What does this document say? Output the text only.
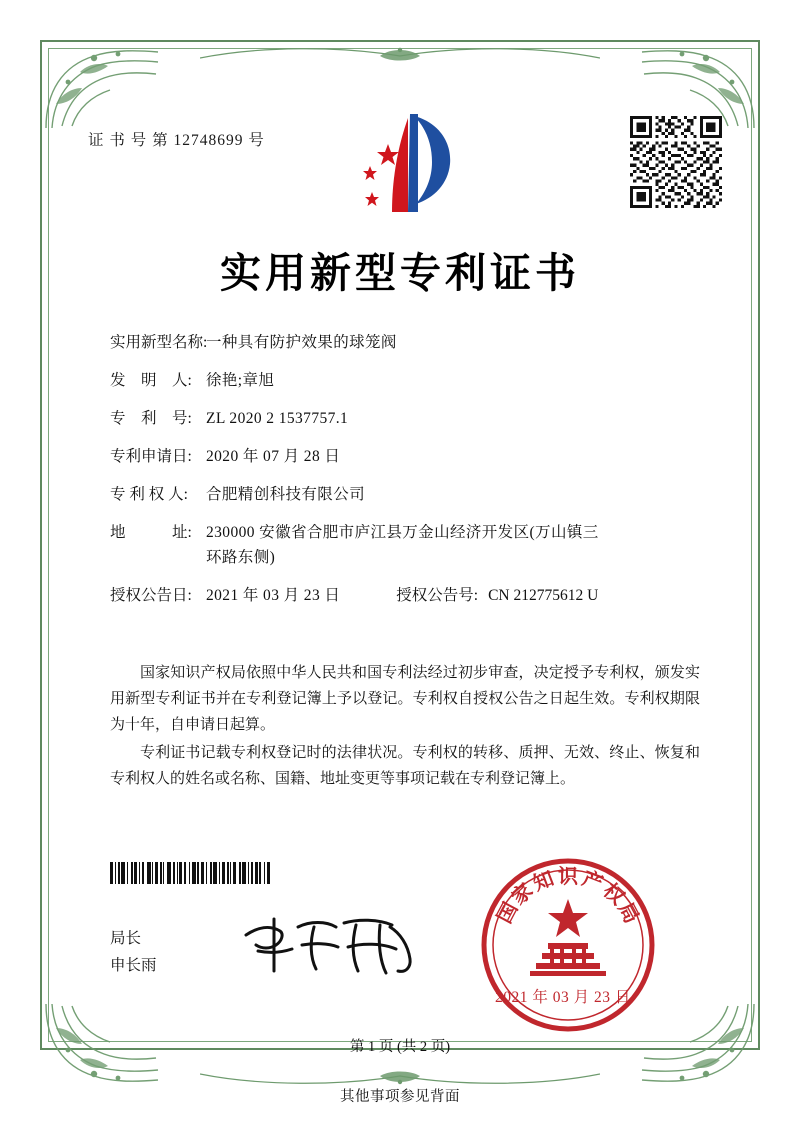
证 书 号 第 12748699 号
实用新型专利证书
实用新型名称:
一种具有防护效果的球笼阀
发　明　人: 徐艳;章旭
专　利　号: ZL 2020 2 1537757.1
专利申请日: 2020 年 07 月 28 日
专 利 权 人:	合肥精创科技有限公司
地　　　址: 230000 安徽省合肥市庐江县万金山经济开发区(万山镇三
环路东侧)
授权公告日: 2021 年 03 月 23 日	授权公告号: CN 212775612 U

国家知识产权局依照中华人民共和国专利法经过初步审查，决定授予专利权，颁发实用新型专利证书并在专利登记簿上予以登记。专利权自授权公告之日起生效。专利权期限为十年，自申请日起算。

专利证书记载专利权登记时的法律状况。专利权的转移、质押、无效、终止、恢复和专利权人的姓名或名称、国籍、地址变更等事项记载在专利登记簿上。

局长
申长雨
国
家
知 识 产
权
局
2021 年 03 月 23 日
第 1 页 (共 2 页)
其他事项参见背面
